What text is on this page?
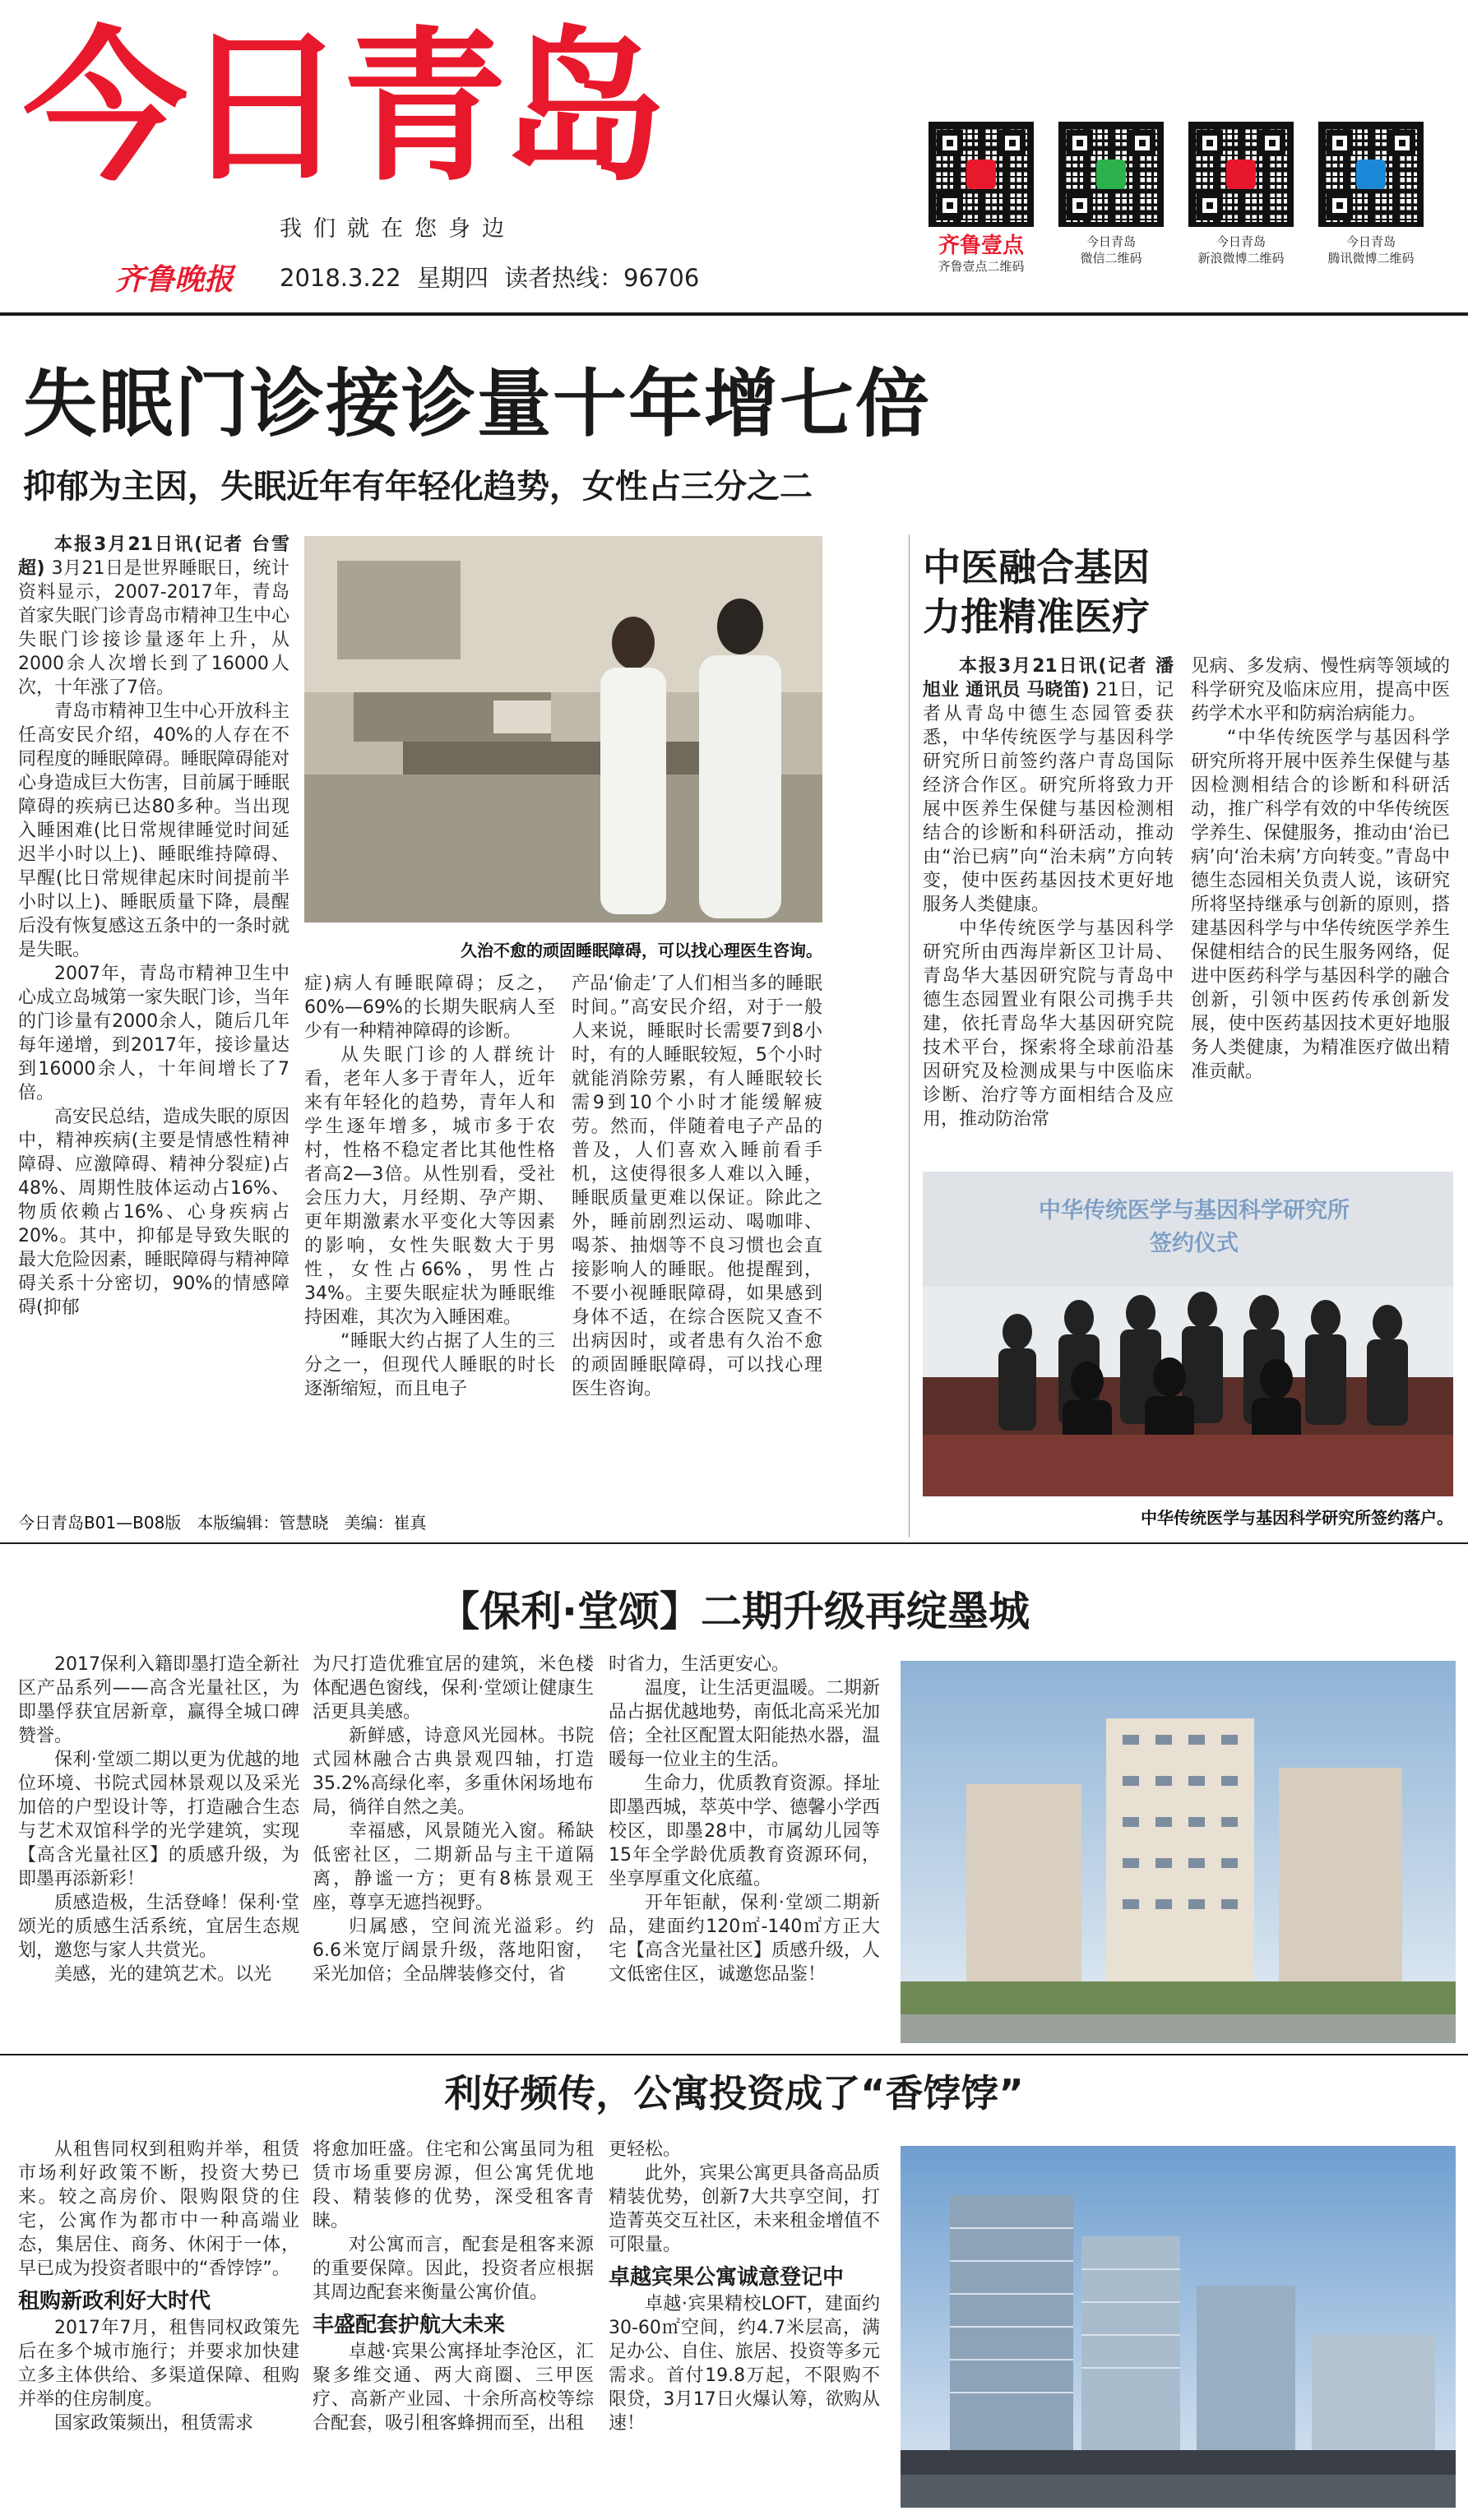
今日青岛
我们就在您身边
齐鲁晚报 2018.3.22 星期四 读者热线：96706
齐鲁壹点
齐鲁壹点二维码
今日青岛
微信二维码
今日青岛
新浪微博二维码
今日青岛
腾讯微博二维码
失眠门诊接诊量十年增七倍
抑郁为主因，失眠近年有年轻化趋势，女性占三分之二

本报3月21日讯(记者 台雪超) 3月21日是世界睡眠日，统计资料显示，2007-2017年，青岛首家失眠门诊青岛市精神卫生中心失眠门诊接诊量逐年上升，从2000余人次增长到了16000人次，十年涨了7倍。

青岛市精神卫生中心开放科主任高安民介绍，40%的人存在不同程度的睡眠障碍。睡眠障碍能对心身造成巨大伤害，目前属于睡眠障碍的疾病已达80多种。当出现入睡困难(比日常规律睡觉时间延迟半小时以上)、睡眠维持障碍、早醒(比日常规律起床时间提前半小时以上)、睡眠质量下降，晨醒后没有恢复感这五条中的一条时就是失眠。

2007年，青岛市精神卫生中心成立岛城第一家失眠门诊，当年的门诊量有2000余人，随后几年每年递增，到2017年，接诊量达到16000余人，十年间增长了7倍。

高安民总结，造成失眠的原因中，精神疾病(主要是情感性精神障碍、应激障碍、精神分裂症)占48%、周期性肢体运动占16%、物质依赖占16%、心身疾病占20%。其中，抑郁是导致失眠的最大危险因素，睡眠障碍与精神障碍关系十分密切，90%的情感障碍(抑郁

久治不愈的顽固睡眠障碍，可以找心理医生咨询。

症)病人有睡眠障碍；反之，60%—69%的长期失眠病人至少有一种精神障碍的诊断。

从失眠门诊的人群统计看，老年人多于青年人，近年来有年轻化的趋势，青年人和学生逐年增多，城市多于农村，性格不稳定者比其他性格者高2—3倍。从性别看，受社会压力大，月经期、孕产期、更年期激素水平变化大等因素的影响，女性失眠数大于男性，女性占66%，男性占34%。主要失眠症状为睡眠维持困难，其次为入睡困难。

“睡眠大约占据了人生的三分之一，但现代人睡眠的时长逐渐缩短，而且电子

产品‘偷走’了人们相当多的睡眠时间。”高安民介绍，对于一般人来说，睡眠时长需要7到8小时，有的人睡眠较短，5个小时就能消除劳累，有人睡眠较长需9到10个小时才能缓解疲劳。然而，伴随着电子产品的普及，人们喜欢入睡前看手机，这使得很多人难以入睡，睡眠质量更难以保证。除此之外，睡前剧烈运动、喝咖啡、喝茶、抽烟等不良习惯也会直接影响人的睡眠。他提醒到，不要小视睡眠障碍，如果感到身体不适，在综合医院又查不出病因时，或者患有久治不愈的顽固睡眠障碍，可以找心理医生咨询。

中医融合基因
力推精准医疗

本报3月21日讯(记者 潘旭业 通讯员 马晓笛) 21日，记者从青岛中德生态园管委获悉，中华传统医学与基因科学研究所日前签约落户青岛国际经济合作区。研究所将致力开展中医养生保健与基因检测相结合的诊断和科研活动，推动由“治已病”向“治未病”方向转变，使中医药基因技术更好地服务人类健康。

中华传统医学与基因科学研究所由西海岸新区卫计局、青岛华大基因研究院与青岛中德生态园置业有限公司携手共建，依托青岛华大基因研究院技术平台，探索将全球前沿基因研究及检测成果与中医临床诊断、治疗等方面相结合及应用，推动防治常

见病、多发病、慢性病等领域的科学研究及临床应用，提高中医药学术水平和防病治病能力。

“中华传统医学与基因科学研究所将开展中医养生保健与基因检测相结合的诊断和科研活动，推广科学有效的中华传统医学养生、保健服务，推动由‘治已病’向‘治未病’方向转变。”青岛中德生态园相关负责人说，该研究所将坚持继承与创新的原则，搭建基因科学与中华传统医学养生保健相结合的民生服务网络，促进中医药科学与基因科学的融合创新，引领中医药传承创新发展，使中医药基因技术更好地服务人类健康，为精准医疗做出精准贡献。

中华传统医学与基因科学研究所
签约仪式
中华传统医学与基因科学研究所签约落户。
今日青岛B01—B08版   本版编辑：管慧晓   美编：崔真
【保利·堂颂】二期升级再绽墨城

2017保利入籍即墨打造全新社区产品系列——高含光量社区，为即墨俘获宜居新章，赢得全城口碑赞誉。

保利·堂颂二期以更为优越的地位环境、书院式园林景观以及采光加倍的户型设计等，打造融合生态与艺术双馆科学的光学建筑，实现【高含光量社区】的质感升级，为即墨再添新彩！

质感造极，生活登峰！保利·堂颂光的质感生活系统，宜居生态规划，邀您与家人共赏光。

美感，光的建筑艺术。以光

为尺打造优雅宜居的建筑，米色楼体配遇色窗线，保利·堂颂让健康生活更具美感。

新鲜感，诗意风光园林。书院式园林融合古典景观四轴，打造35.2%高绿化率，多重休闲场地布局，徜徉自然之美。

幸福感，风景随光入窗。稀缺低密社区，二期新品与主干道隔离，静谧一方；更有8栋景观王座，尊享无遮挡视野。

归属感，空间流光溢彩。约6.6米宽厅阔景升级，落地阳窗，采光加倍；全品牌装修交付，省

时省力，生活更安心。

温度，让生活更温暖。二期新品占据优越地势，南低北高采光加倍；全社区配置太阳能热水器，温暖每一位业主的生活。

生命力，优质教育资源。择址即墨西城，萃英中学、德馨小学西校区，即墨28中，市属幼儿园等15年全学龄优质教育资源环伺，坐享厚重文化底蕴。

开年钜献，保利·堂颂二期新品，建面约120㎡-140㎡方正大宅【高含光量社区】质感升级，人文低密住区，诚邀您品鉴！

利好频传，公寓投资成了“香饽饽”

从租售同权到租购并举，租赁市场利好政策不断，投资大势已来。较之高房价、限购限贷的住宅，公寓作为都市中一种高端业态，集居住、商务、休闲于一体，早已成为投资者眼中的“香饽饽”。

租购新政利好大时代

2017年7月，租售同权政策先后在多个城市施行；并要求加快建立多主体供给、多渠道保障、租购并举的住房制度。

国家政策频出，租赁需求

将愈加旺盛。住宅和公寓虽同为租赁市场重要房源，但公寓凭优地段、精装修的优势，深受租客青睐。

对公寓而言，配套是租客来源的重要保障。因此，投资者应根据其周边配套来衡量公寓价值。

丰盛配套护航大未来

卓越·宾果公寓择址李沧区，汇聚多维交通、两大商圈、三甲医疗、高新产业园、十余所高校等综合配套，吸引租客蜂拥而至，出租

更轻松。

此外，宾果公寓更具备高品质精装优势，创新7大共享空间，打造菁英交互社区，未来租金增值不可限量。

卓越宾果公寓诚意登记中

卓越·宾果精校LOFT，建面约30-60㎡空间，约4.7米层高，满足办公、自住、旅居、投资等多元需求。首付19.8万起，不限购不限贷，3月17日火爆认筹，欲购从速！
